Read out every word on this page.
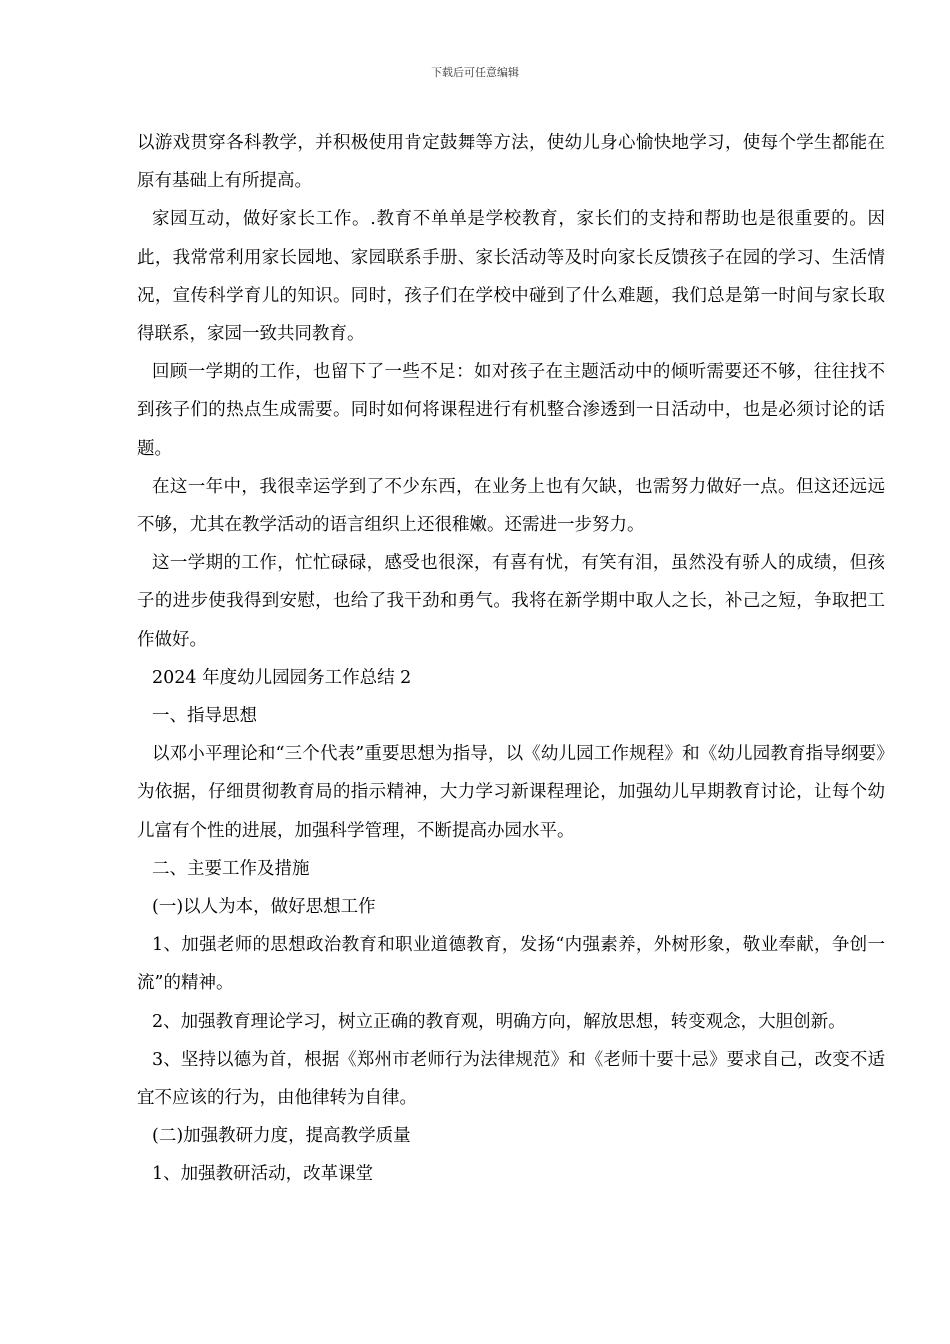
下载后可任意编辑

以游戏贯穿各科教学，并积极使用肯定鼓舞等方法，使幼儿身心愉快地学习，使每个学生都能在原有基础上有所提高。

家园互动，做好家长工作。.教育不单单是学校教育，家长们的支持和帮助也是很重要的。因此，我常常利用家长园地、家园联系手册、家长活动等及时向家长反馈孩子在园的学习、生活情况，宣传科学育儿的知识。同时，孩子们在学校中碰到了什么难题，我们总是第一时间与家长取得联系，家园一致共同教育。

回顾一学期的工作，也留下了一些不足：如对孩子在主题活动中的倾听需要还不够，往往找不到孩子们的热点生成需要。同时如何将课程进行有机整合渗透到一日活动中，也是必须讨论的话题。

在这一年中，我很幸运学到了不少东西，在业务上也有欠缺，也需努力做好一点。但这还远远不够，尤其在教学活动的语言组织上还很稚嫩。还需进一步努力。

这一学期的工作，忙忙碌碌，感受也很深，有喜有忧，有笑有泪，虽然没有骄人的成绩，但孩子的进步使我得到安慰，也给了我干劲和勇气。我将在新学期中取人之长，补己之短，争取把工作做好。

2024 年度幼儿园园务工作总结 2

一、指导思想

以邓小平理论和“三个代表”重要思想为指导，以《幼儿园工作规程》和《幼儿园教育指导纲要》为依据，仔细贯彻教育局的指示精神，大力学习新课程理论，加强幼儿早期教育讨论，让每个幼儿富有个性的进展，加强科学管理，不断提高办园水平。

二、主要工作及措施

(一)以人为本，做好思想工作

1、加强老师的思想政治教育和职业道德教育，发扬“内强素养，外树形象，敬业奉献，争创一流”的精神。

2、加强教育理论学习，树立正确的教育观，明确方向，解放思想，转变观念，大胆创新。

3、坚持以德为首，根据《郑州市老师行为法律规范》和《老师十要十忌》要求自己，改变不适宜不应该的行为，由他律转为自律。

(二)加强教研力度，提高教学质量

1、加强教研活动，改革课堂
